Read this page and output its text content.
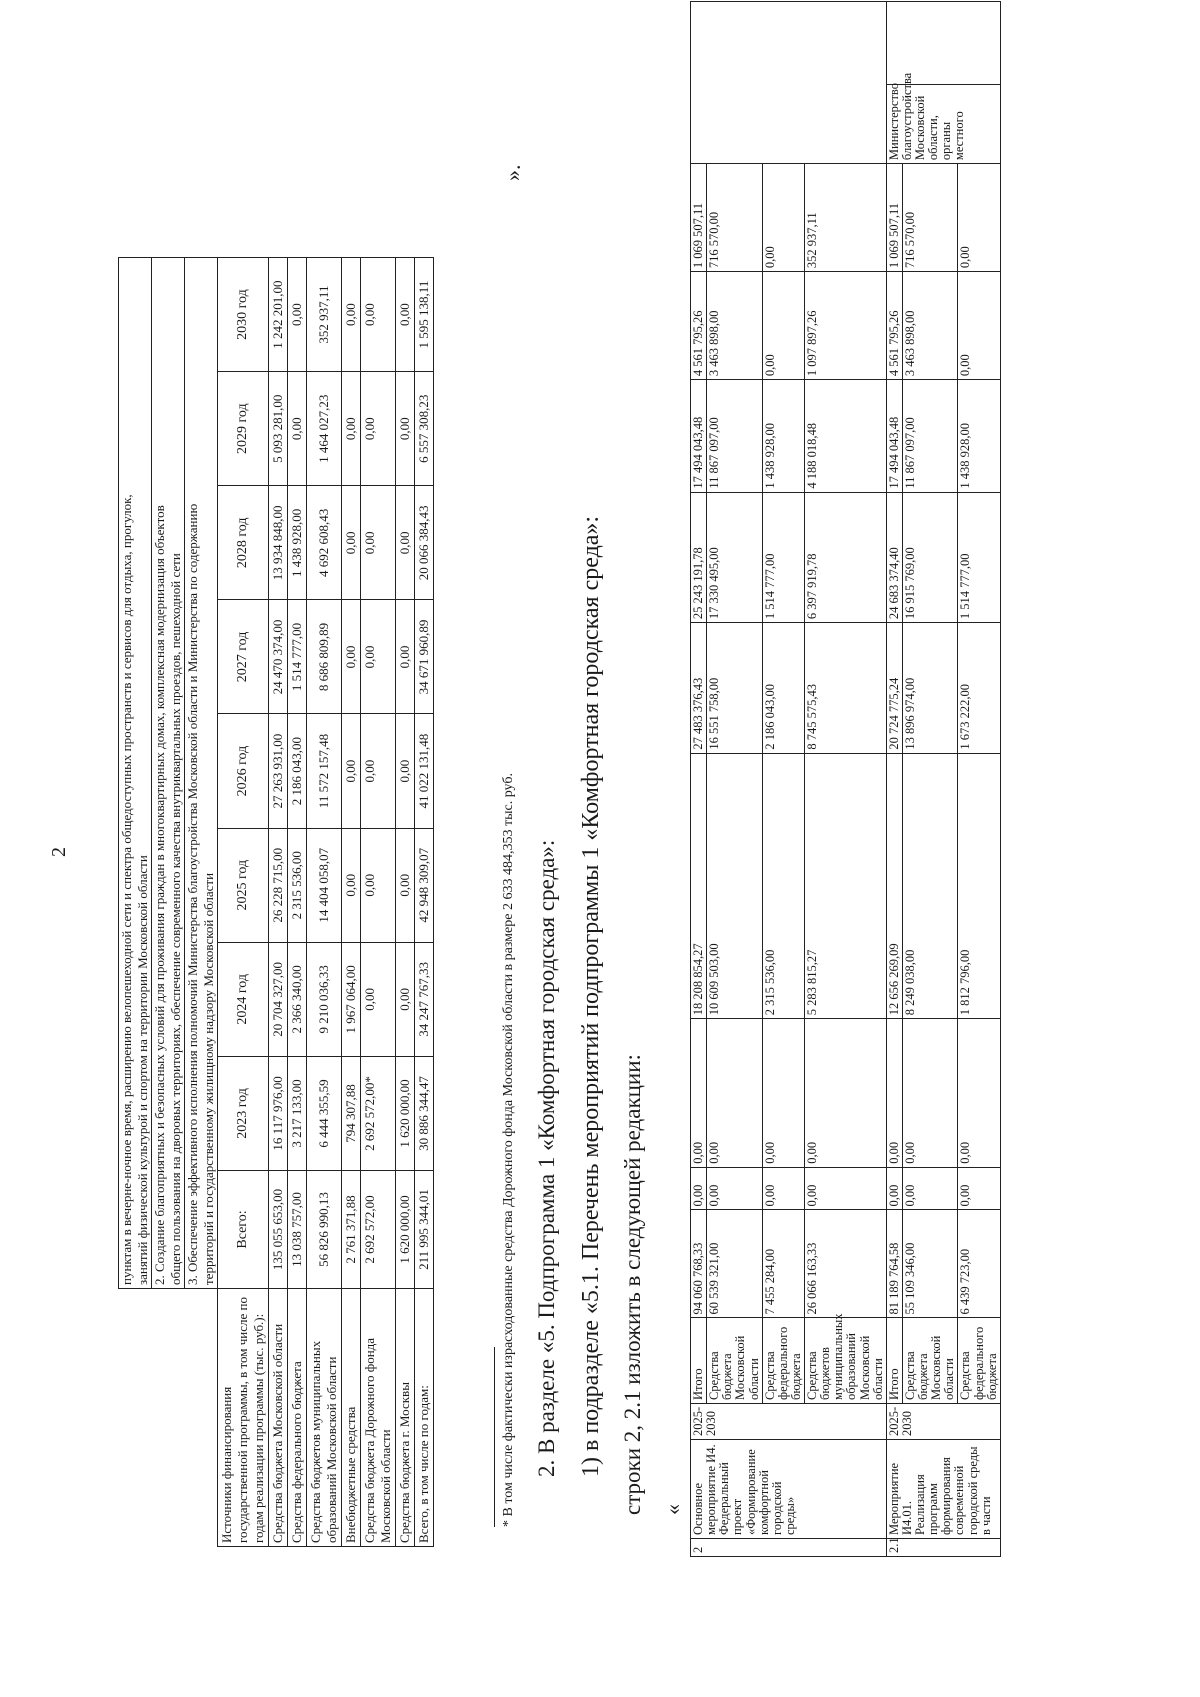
2
		пунктам в вечерне-ночное время, расширению велопешеходной сети и спектра общедоступных пространств и сервисов для отдыха, прогулок,занятий физической культурой и спортом на территории Московской области2. Создание благоприятных и безопасных условий для проживания граждан в многоквартирных домах, комплексная модернизация объектовобщего пользования на дворовых территориях, обеспечение современного качества внутриквартальных проездов, пешеходной сети3. Обеспечение эффективного исполнения полномочий Министерства благоустройства Московской области и Министерства по содержаниютерриторий и государственному жилищному надзору Московской области

Источники финансирования государственной программы, в том числе по годам реализации программы (тыс. руб.):	Всего:	2023 год	2024 год	2025 год	2026 год	2027 год	2028 год	2029 год	2030 год
Средства бюджета Московской области	135 055 653,00	16 117 976,00	20 704 327,00	26 228 715,00	27 263 931,00	24 470 374,00	13 934 848,00	5 093 281,00	1 242 201,00
Средства федерального бюджета	13 038 757,00	3 217 133,00	2 366 340,00	2 315 536,00	2 186 043,00	1 514 777,00	1 438 928,00	0,00	0,00
Средства бюджетов муниципальных образований Московской области	56 826 990,13	6 444 355,59	9 210 036,33	14 404 058,07	11 572 157,48	8 686 809,89	4 692 608,43	1 464 027,23	352 937,11
Внебюджетные средства	2 761 371,88	794 307,88	1 967 064,00	0,00	0,00	0,00	0,00	0,00	0,00
Средства бюджета Дорожного фонда Московской области	2 692 572,00	2 692 572,00*	0,00	0,00	0,00	0,00	0,00	0,00	0,00
Средства бюджета г. Москвы	1 620 000,00	1 620 000,00	0,00	0,00	0,00	0,00	0,00	0,00	0,00
Всего, в том числе по годам:	211 995 344,01	30 886 344,47	34 247 767,33	42 948 309,07	41 022 131,48	34 671 960,89	20 066 384,43	6 557 308,23	1 595 138,11
* В том числе фактически израсходованные средства Дорожного фонда Московской области в размере 2 633 484,353 тыс. руб.
».
2. В разделе «5. Подпрограмма 1 «Комфортная городская среда»: 1) в подразделе «5.1. Перечень мероприятий подпрограммы 1 «Комфортная городская среда»: строки 2, 2.1 изложить в следующей редакции: «
2	Основное мероприятие И4. Федеральный проект «Формирование комфортной городской среды»	2025-2030	Итого	94 060 768,33	0,00	0,00	18 208 854,27	27 483 376,43	25 243 191,78	17 494 043,48	4 561 795,26	1 069 507,11		
			Средства бюджета Московской области	60 539 321,00	0,00	0,00	10 609 503,00	16 551 758,00	17 330 495,00	11 867 097,00	3 463 898,00	716 570,00		
			Средства федерального бюджета	7 455 284,00	0,00	0,00	2 315 536,00	2 186 043,00	1 514 777,00	1 438 928,00	0,00	0,00		
			Средства бюджетов муниципальных образований Московской области	26 066 163,33	0,00	0,00	5 283 815,27	8 745 575,43	6 397 919,78	4 188 018,48	1 097 897,26	352 937,11		
2.1	Мероприятие И4.01. Реализация программ формирования современной городской среды в части	2025-2030	Итого	81 189 764,58	0,00	0,00	12 656 269,09	20 724 775,24	24 683 374,40	17 494 043,48	4 561 795,26	1 069 507,11	Министерство благоустройства Московской области, органы местного	
			Средства бюджета Московской области	55 109 346,00	0,00	0,00	8 249 038,00	13 896 974,00	16 915 769,00	11 867 097,00	3 463 898,00	716 570,00		
			Средства федерального бюджета	6 439 723,00	0,00	0,00	1 812 796,00	1 673 222,00	1 514 777,00	1 438 928,00	0,00	0,00		
